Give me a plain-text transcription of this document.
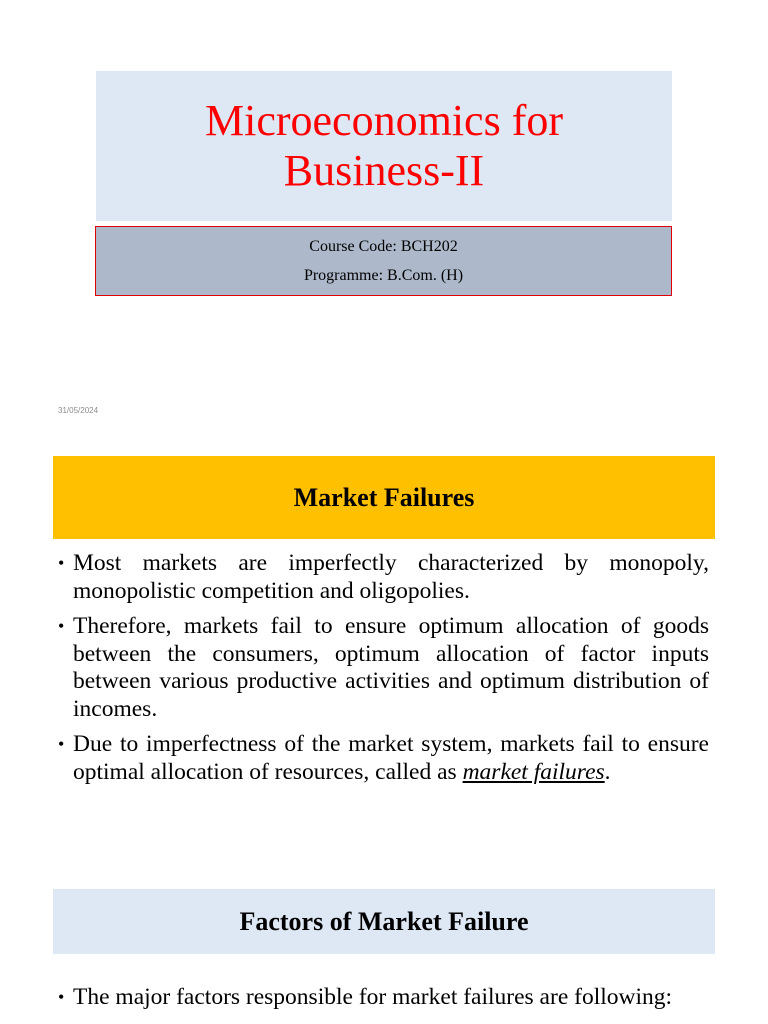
Microeconomics for
Business-II
Course Code: BCH202
Programme: B.Com. (H)
31/05/2024
Market Failures
• Most markets are imperfectly characterized by monopoly, monopolistic competition and oligopolies.
• Therefore, markets fail to ensure optimum allocation of goods between the consumers, optimum allocation of factor inputs between various productive activities and optimum distribution of incomes.
• Due to imperfectness of the market system, markets fail to ensure optimal allocation of resources, called as market failures.
Factors of Market Failure
• The major factors responsible for market failures are following:
